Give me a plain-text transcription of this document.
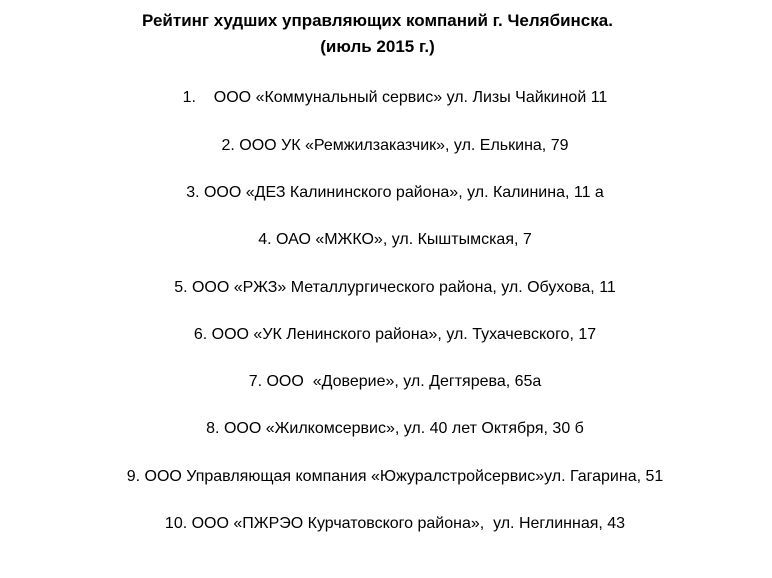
Рейтинг худших управляющих компаний г. Челябинска.
(июль 2015 г.)
1.    ООО «Коммунальный сервис» ул. Лизы Чайкиной 11
2. ООО УК «Ремжилзаказчик», ул. Елькина, 79
3. ООО «ДЕЗ Калининского района», ул. Калинина, 11 а
4. ОАО «МЖКО», ул. Кыштымская, 7
5. ООО «РЖЗ» Металлургического района, ул. Обухова, 11
6. ООО «УК Ленинского района», ул. Тухачевского, 17
7. ООО  «Доверие», ул. Дегтярева, 65а
8. ООО «Жилкомсервис», ул. 40 лет Октября, 30 б
9. ООО Управляющая компания «Южуралстройсервис»ул. Гагарина, 51
10. ООО «ПЖРЭО Курчатовского района»,  ул. Неглинная, 43
